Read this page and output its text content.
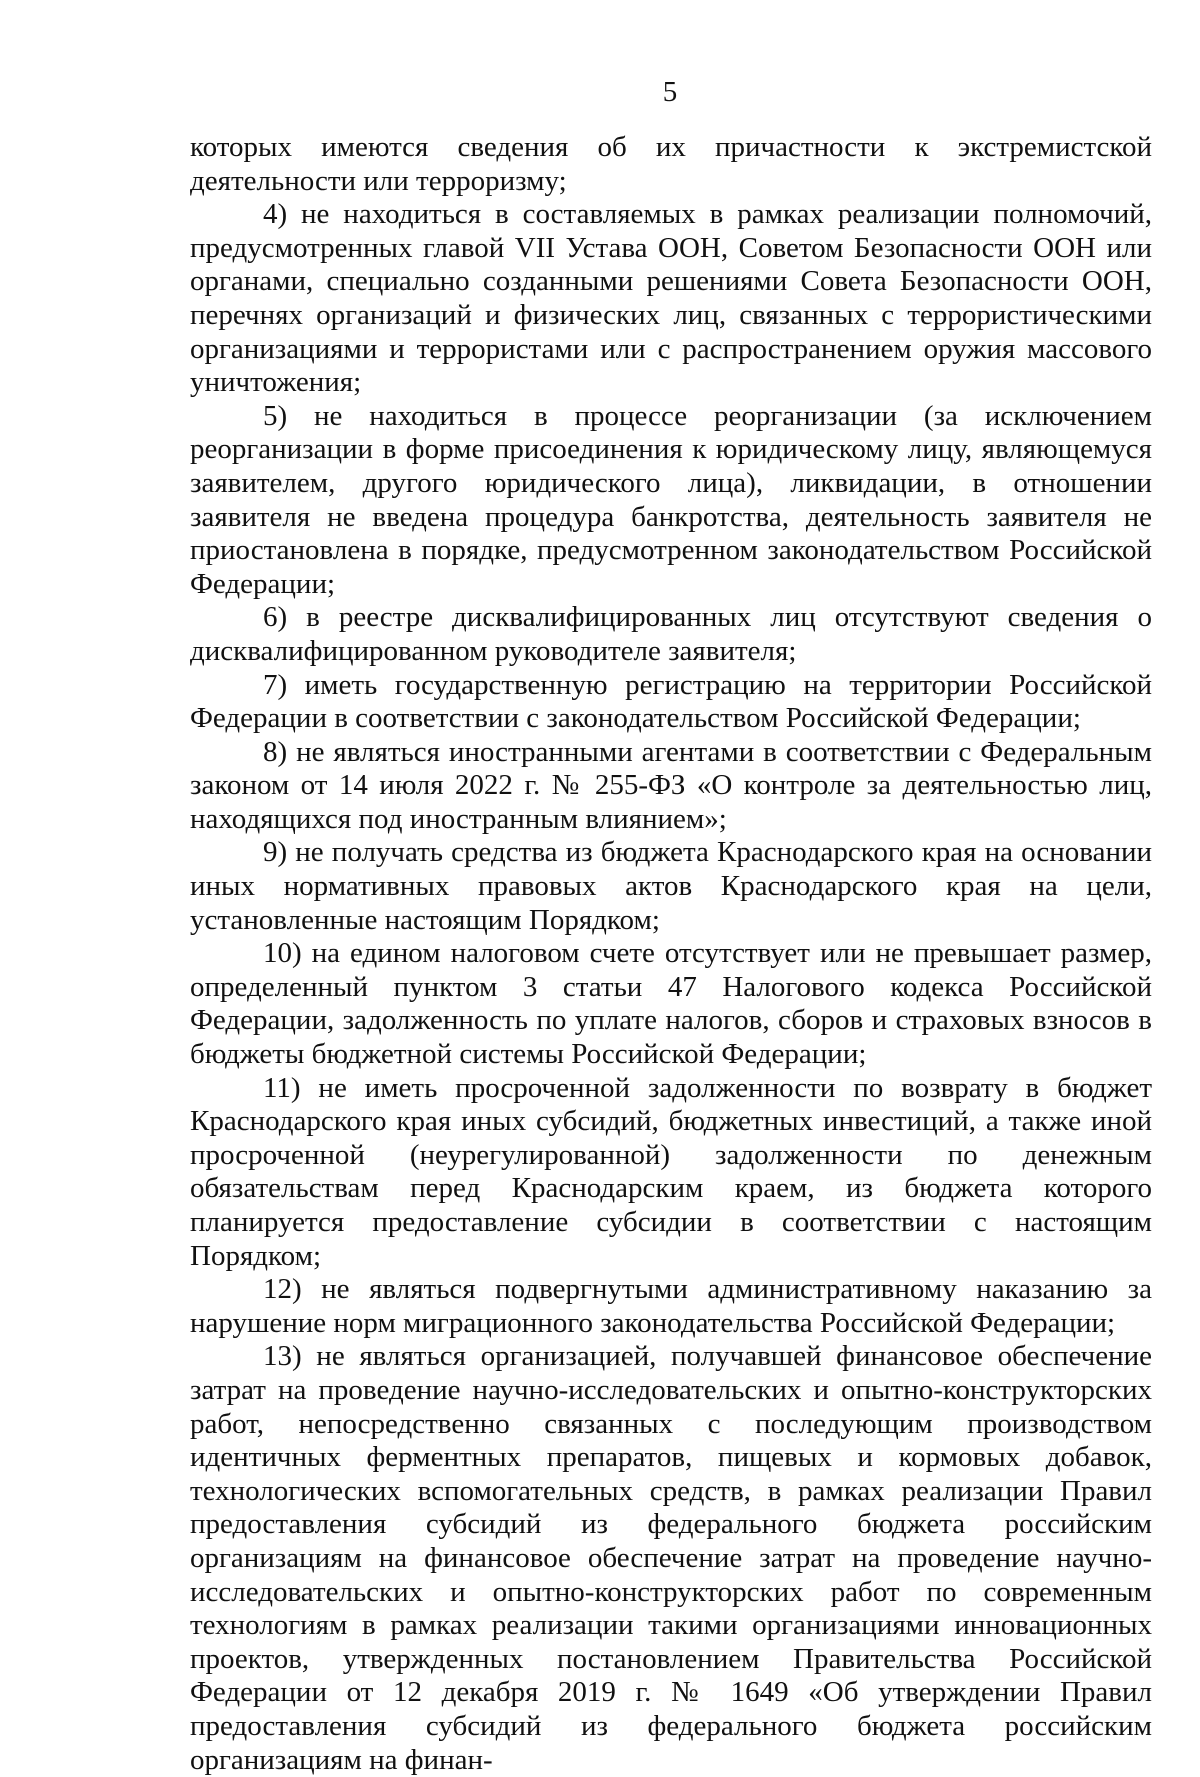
5

которых имеются сведения об их причастности к экстремистской деятельности или терроризму;

4) не находиться в составляемых в рамках реализации полномочий, предусмотренных главой VII Устава ООН, Советом Безопасности ООН или органами, специально созданными решениями Совета Безопасности ООН, перечнях организаций и физических лиц, связанных с террористическими организациями и террористами или с распространением оружия массового уничтожения;

5) не находиться в процессе реорганизации (за исключением реорганизации в форме присоединения к юридическому лицу, являющемуся заявителем, другого юридического лица), ликвидации, в отношении заявителя не введена процедура банкротства, деятельность заявителя не приостановлена в порядке, предусмотренном законодательством Российской Федерации;

6) в реестре дисквалифицированных лиц отсутствуют сведения о дисквалифицированном руководителе заявителя;

7) иметь государственную регистрацию на территории Российской Федерации в соответствии с законодательством Российской Федерации;

8) не являться иностранными агентами в соответствии с Федеральным законом от 14 июля 2022 г. № 255-ФЗ «О контроле за деятельностью лиц, находящихся под иностранным влиянием»;

9) не получать средства из бюджета Краснодарского края на основании иных нормативных правовых актов Краснодарского края на цели, установленные настоящим Порядком;

10) на едином налоговом счете отсутствует или не превышает размер, определенный пунктом 3 статьи 47 Налогового кодекса Российской Федерации, задолженность по уплате налогов, сборов и страховых взносов в бюджеты бюджетной системы Российской Федерации;

11) не иметь просроченной задолженности по возврату в бюджет Краснодарского края иных субсидий, бюджетных инвестиций, а также иной просроченной (неурегулированной) задолженности по денежным обязательствам перед Краснодарским краем, из бюджета которого планируется предоставление субсидии в соответствии с настоящим Порядком;

12) не являться подвергнутыми административному наказанию за нарушение норм миграционного законодательства Российской Федерации;

13) не являться организацией, получавшей финансовое обеспечение затрат на проведение научно-исследовательских и опытно-конструкторских работ, непосредственно связанных с последующим производством идентичных ферментных препаратов, пищевых и кормовых добавок, технологических вспомогательных средств, в рамках реализации Правил предоставления субсидий из федерального бюджета российским организациям на финансовое обеспечение затрат на проведение научно-исследовательских и опытно-конструкторских работ по современным технологиям в рамках реализации такими организациями инновационных проектов, утвержденных постановлением Правительства Российской Федерации от 12 декабря 2019 г. № 1649 «Об утверждении Правил предоставления субсидий из федерального бюджета российским организациям на финан-
